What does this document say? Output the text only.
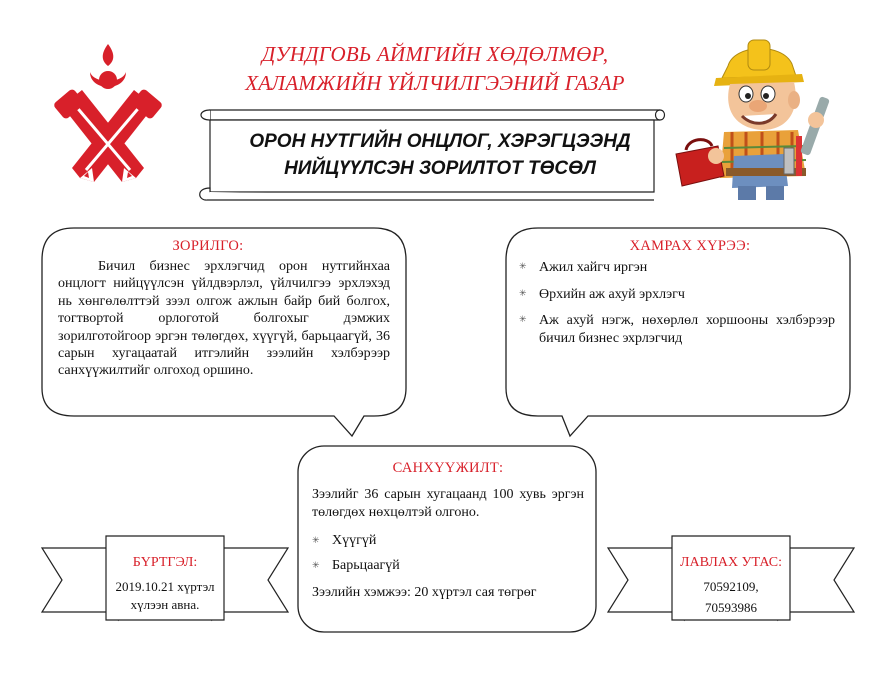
ДУНДГОВЬ АЙМГИЙН ХӨДӨЛМӨР,
ХАЛАМЖИЙН ҮЙЛЧИЛГЭЭНИЙ ГАЗАР
ОРОН НУТГИЙН ОНЦЛОГ, ХЭРЭГЦЭЭНД
НИЙЦҮҮЛСЭН ЗОРИЛТОТ ТӨСӨЛ
ЗОРИЛГО:
Бичил бизнес эрхлэгчид орон нутгийнхаа онцлогт нийцүүлсэн үйлдвэрлэл, үйлчилгээ эрхлэхэд нь хөнгөлөлттэй зээл олгож ажлын байр бий болгох, тогтвортой орлоготой болгохыг дэмжих зорилготойгоор эргэн төлөгдөх, хүүгүй, барьцаагүй, 36 сарын хугацаатай итгэлийн зээлийн хэлбэрээр санхүүжилтийг олгоход оршино.
ХАМРАХ ХҮРЭЭ:
✳ Ажил хайгч иргэн
✳ Өрхийн аж ахуй эрхлэгч
✳ Аж ахуй нэгж, нөхөрлөл хоршооны хэлбэрээр бичил бизнес эхрлэгчид
САНХҮҮЖИЛТ:
Зээлийг 36 сарын хугацаанд 100 хувь эргэн төлөгдөх нөхцөлтэй олгоно.
✳ Хүүгүй
✳ Барьцаагүй
Зээлийн хэмжээ: 20 хүртэл сая төгрөг
БҮРТГЭЛ:
2019.10.21 хүртэл
хүлээн авна.
ЛАВЛАХ УТАС:
70592109,
70593986
